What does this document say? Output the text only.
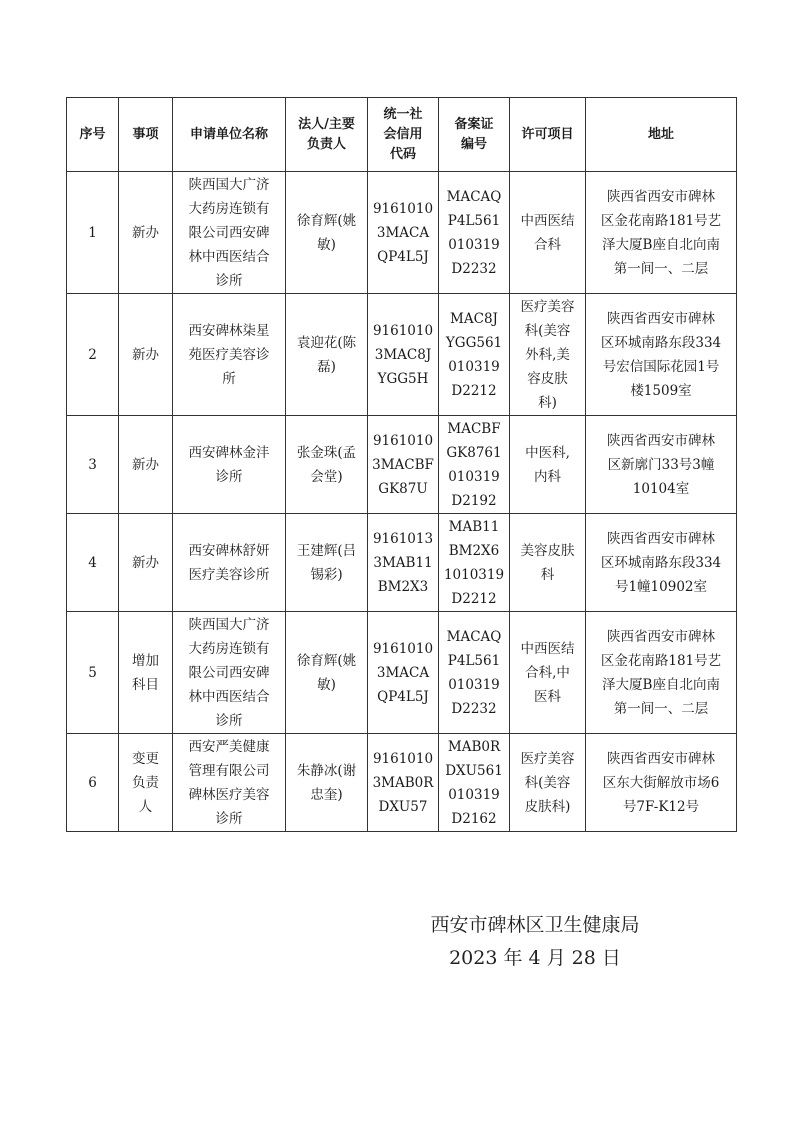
序号	事项	申请单位名称	法人/主要
负责人	统一社
会信用
代码	备案证
编号	许可项目	地址
1	新办	陕西国大广济
大药房连锁有
限公司西安碑
林中西医结合
诊所	徐育辉(姚
敏)	9161010
3MACA
QP4L5J	MACAQ
P4L561
010319
D2232	中西医结
合科	陕西省西安市碑林
区金花南路181号艺
泽大厦B座自北向南
第一间一、二层
2	新办	西安碑林柒星
苑医疗美容诊
所	袁迎花(陈
磊)	9161010
3MAC8J
YGG5H	MAC8J
YGG561
010319
D2212	医疗美容
科(美容
外科,美
容皮肤
科)	陕西省西安市碑林
区环城南路东段334
号宏信国际花园1号
楼1509室
3	新办	西安碑林金沣
诊所	张金珠(孟
会堂)	9161010
3MACBF
GK87U	MACBF
GK8761
010319
D2192	中医科,
内科	陕西省西安市碑林
区新廓门33号3幢
10104室
4	新办	西安碑林舒妍
医疗美容诊所	王建辉(吕
锡彩)	9161013
3MAB11
BM2X3	MAB11
BM2X6
1010319
D2212	美容皮肤
科	陕西省西安市碑林
区环城南路东段334
号1幢10902室
5	增加
科目	陕西国大广济
大药房连锁有
限公司西安碑
林中西医结合
诊所	徐育辉(姚
敏)	9161010
3MACA
QP4L5J	MACAQ
P4L561
010319
D2232	中西医结
合科,中
医科	陕西省西安市碑林
区金花南路181号艺
泽大厦B座自北向南
第一间一、二层
6	变更
负责
人	西安严美健康
管理有限公司
碑林医疗美容
诊所	朱静冰(谢
忠奎)	9161010
3MAB0R
DXU57	MAB0R
DXU561
010319
D2162	医疗美容
科(美容
皮肤科)	陕西省西安市碑林
区东大街解放市场6
号7F-K12号
西安市碑林区卫生健康局
2023 年 4 月 28 日
